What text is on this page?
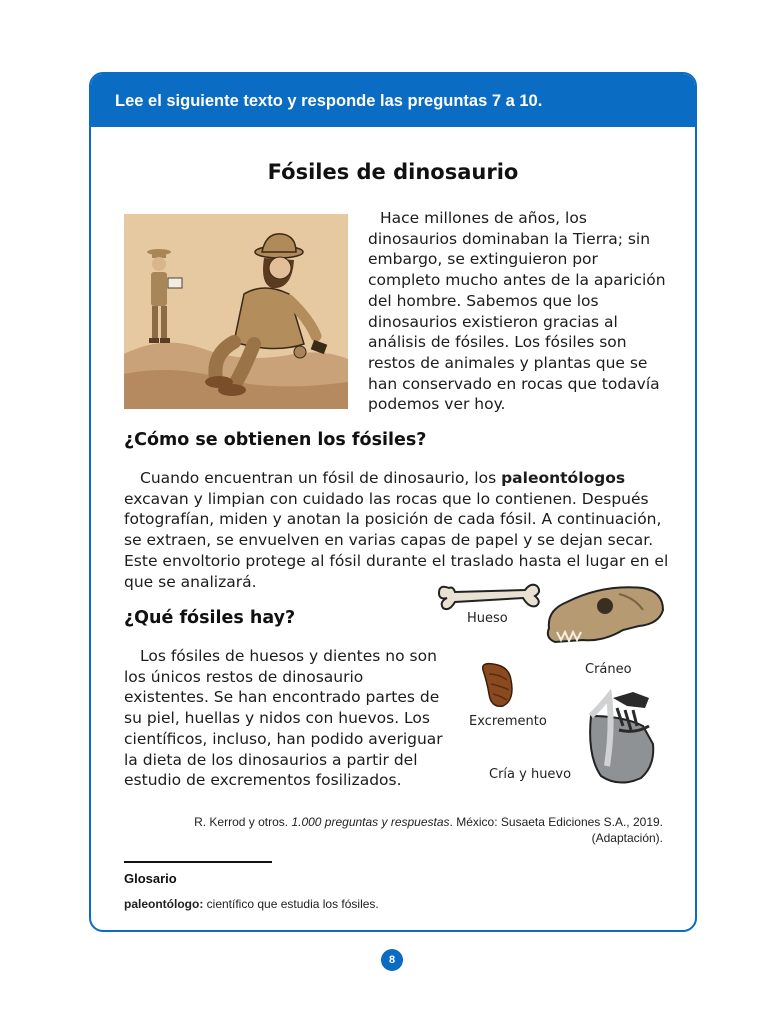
Lee el siguiente texto y responde las preguntas 7 a 10.
Fósiles de dinosaurio
Hace millones de años, los dinosaurios dominaban la Tierra; sin embargo, se extinguieron por completo mucho antes de la aparición del hombre. Sabemos que los dinosaurios existieron gracias al análisis de fósiles. Los fósiles son restos de animales y plantas que se han conservado en rocas que todavía podemos ver hoy.
¿Cómo se obtienen los fósiles?
Cuando encuentran un fósil de dinosaurio, los paleontólogos excavan y limpian con cuidado las rocas que lo contienen. Después fotografían, miden y anotan la posición de cada fósil. A continuación, se extraen, se envuelven en varias capas de papel y se dejan secar. Este envoltorio protege al fósil durante el traslado hasta el lugar en el que se analizará.
¿Qué fósiles hay?
Los fósiles de huesos y dientes no son los únicos restos de dinosaurio existentes. Se han encontrado partes de su piel, huellas y nidos con huevos. Los científicos, incluso, han podido averiguar la dieta de los dinosaurios a partir del estudio de excrementos fosilizados.
Hueso
Cráneo
Excremento
Cría y huevo
R. Kerrod y otros. 1.000 preguntas y respuestas. México: Susaeta Ediciones S.A., 2019.
(Adaptación).
Glosario
paleontólogo: científico que estudia los fósiles.
8
